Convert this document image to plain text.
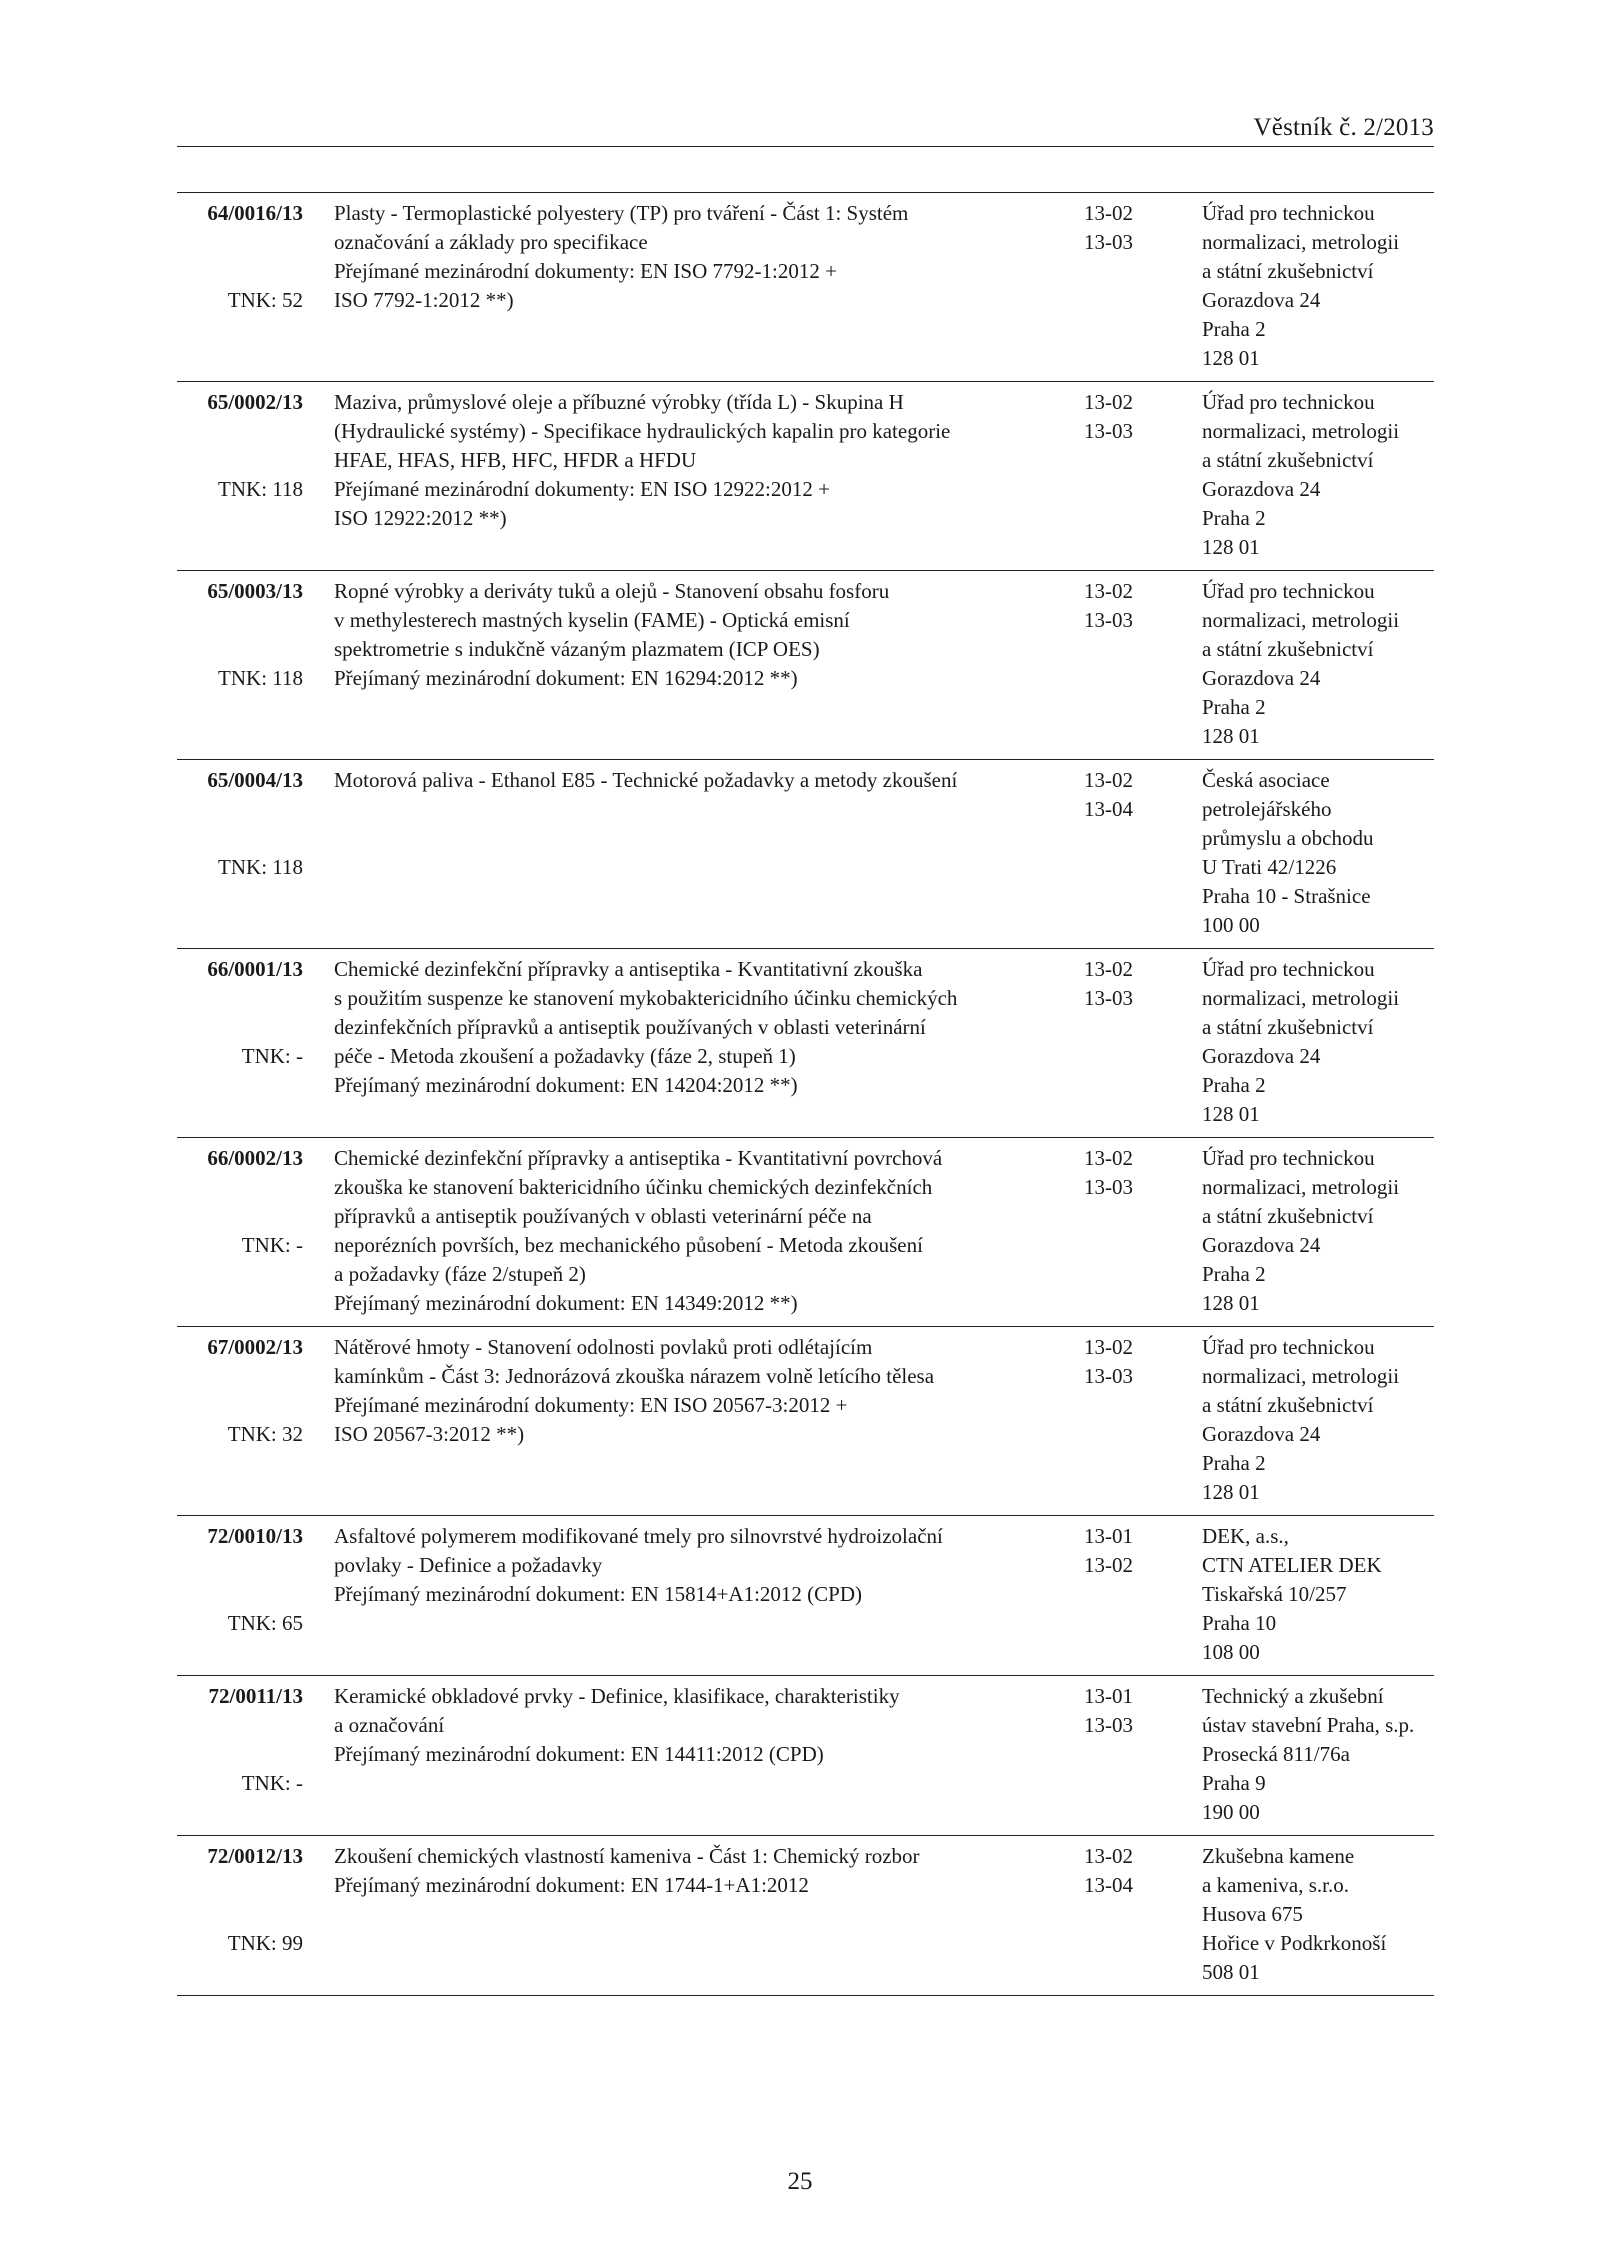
Věstník č. 2/2013
64/0016/13
TNK: 52
Plasty - Termoplastické polyestery (TP) pro tváření - Část 1: Systém
označování a základy pro specifikace
Přejímané mezinárodní dokumenty: EN ISO 7792-1:2012 +
ISO 7792-1:2012 **)
13-02
13-03
Úřad pro technickou
normalizaci, metrologii
a státní zkušebnictví
Gorazdova 24
Praha 2
128 01
65/0002/13
TNK: 118
Maziva, průmyslové oleje a příbuzné výrobky (třída L) - Skupina H
(Hydraulické systémy) - Specifikace hydraulických kapalin pro kategorie
HFAE, HFAS, HFB, HFC, HFDR a HFDU
Přejímané mezinárodní dokumenty: EN ISO 12922:2012 +
ISO 12922:2012 **)
13-02
13-03
Úřad pro technickou
normalizaci, metrologii
a státní zkušebnictví
Gorazdova 24
Praha 2
128 01
65/0003/13
TNK: 118
Ropné výrobky a deriváty tuků a olejů - Stanovení obsahu fosforu
v methylesterech mastných kyselin (FAME) - Optická emisní
spektrometrie s indukčně vázaným plazmatem (ICP OES)
Přejímaný mezinárodní dokument: EN 16294:2012 **)
13-02
13-03
Úřad pro technickou
normalizaci, metrologii
a státní zkušebnictví
Gorazdova 24
Praha 2
128 01
65/0004/13
TNK: 118
Motorová paliva - Ethanol E85 - Technické požadavky a metody zkoušení	13-02
13-04
Česká asociace
petrolejářského
průmyslu a obchodu
U Trati 42/1226
Praha 10 - Strašnice
100 00
66/0001/13
TNK: -
Chemické dezinfekční přípravky a antiseptika - Kvantitativní zkouška
s použitím suspenze ke stanovení mykobaktericidního účinku chemických
dezinfekčních přípravků a antiseptik používaných v oblasti veterinární
péče - Metoda zkoušení a požadavky (fáze 2, stupeň 1)
Přejímaný mezinárodní dokument: EN 14204:2012 **)
13-02
13-03
Úřad pro technickou
normalizaci, metrologii
a státní zkušebnictví
Gorazdova 24
Praha 2
128 01
66/0002/13
TNK: -
Chemické dezinfekční přípravky a antiseptika - Kvantitativní povrchová
zkouška ke stanovení baktericidního účinku chemických dezinfekčních
přípravků a antiseptik používaných v oblasti veterinární péče na
neporézních površích, bez mechanického působení - Metoda zkoušení
a požadavky (fáze 2/stupeň 2)
Přejímaný mezinárodní dokument: EN 14349:2012 **)
13-02
13-03
Úřad pro technickou
normalizaci, metrologii
a státní zkušebnictví
Gorazdova 24
Praha 2
128 01
67/0002/13
TNK: 32
Nátěrové hmoty - Stanovení odolnosti povlaků proti odlétajícím
kamínkům - Část 3: Jednorázová zkouška nárazem volně letícího tělesa
Přejímané mezinárodní dokumenty: EN ISO 20567-3:2012 +
ISO 20567-3:2012 **)
13-02
13-03
Úřad pro technickou
normalizaci, metrologii
a státní zkušebnictví
Gorazdova 24
Praha 2
128 01
72/0010/13
TNK: 65
Asfaltové polymerem modifikované tmely pro silnovrstvé hydroizolační
povlaky - Definice a požadavky
Přejímaný mezinárodní dokument: EN 15814+A1:2012 (CPD)
13-01
13-02
DEK, a.s.,
CTN ATELIER DEK
Tiskařská 10/257
Praha 10
108 00
72/0011/13
TNK: -
Keramické obkladové prvky - Definice, klasifikace, charakteristiky
a označování
Přejímaný mezinárodní dokument: EN 14411:2012 (CPD)
13-01
13-03
Technický a zkušební
ústav stavební Praha, s.p.
Prosecká 811/76a
Praha 9
190 00
72/0012/13
TNK: 99
Zkoušení chemických vlastností kameniva - Část 1: Chemický rozbor
Přejímaný mezinárodní dokument: EN 1744-1+A1:2012
13-02
13-04
Zkušebna kamene
a kameniva, s.r.o.
Husova 675
Hořice v Podkrkonoší
508 01
25
